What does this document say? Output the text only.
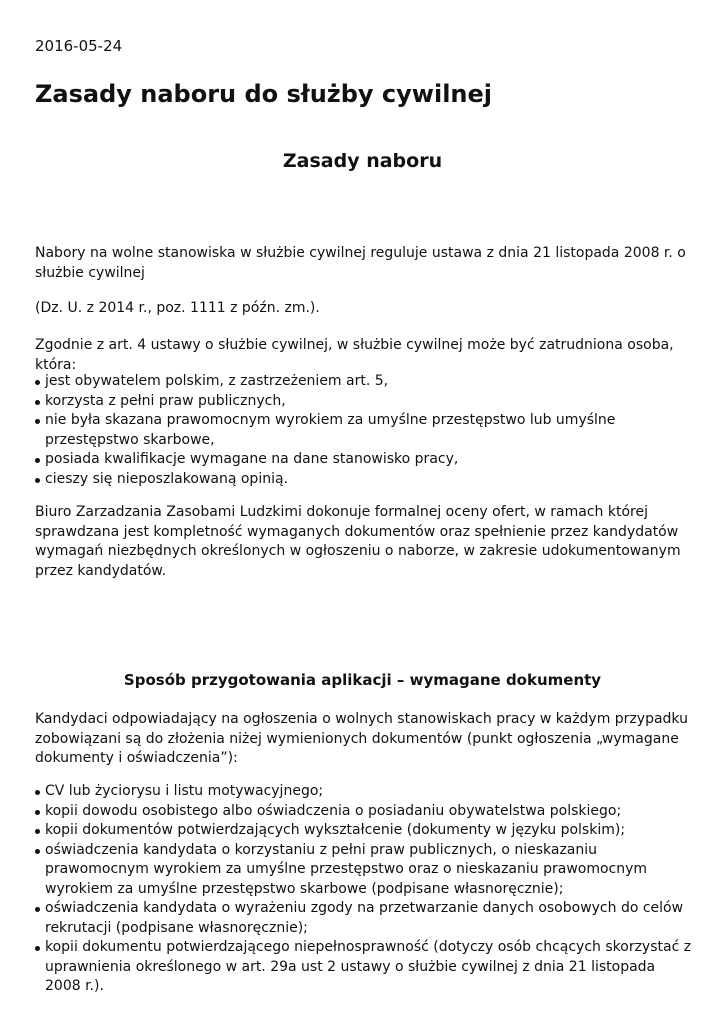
2016-05-24
Zasady naboru do służby cywilnej
Zasady naboru

Nabory na wolne stanowiska w służbie cywilnej reguluje ustawa z dnia 21 listopada 2008 r. o służbie cywilnej

(Dz. U. z 2014 r., poz. 1111 z późn. zm.).

Zgodnie z art. 4 ustawy o służbie cywilnej, w służbie cywilnej może być zatrudniona osoba, która:

jest obywatelem polskim, z zastrzeżeniem art. 5,
korzysta z pełni praw publicznych,
nie była skazana prawomocnym wyrokiem za umyślne przestępstwo lub umyślne przestępstwo skarbowe,
posiada kwalifikacje wymagane na dane stanowisko pracy,
cieszy się nieposzlakowaną opinią.

Biuro Zarzadzania Zasobami Ludzkimi dokonuje formalnej oceny ofert, w ramach której sprawdzana jest kompletność wymaganych dokumentów oraz spełnienie przez kandydatów wymagań niezbędnych określonych w ogłoszeniu o naborze, w zakresie udokumentowanym przez kandydatów.

Sposób przygotowania aplikacji – wymagane dokumenty

Kandydaci odpowiadający na ogłoszenia o wolnych stanowiskach pracy w każdym przypadku zobowiązani są do złożenia niżej wymienionych dokumentów (punkt ogłoszenia „wymagane dokumenty i oświadczenia”):

CV lub życiorysu i listu motywacyjnego;
kopii dowodu osobistego albo oświadczenia o posiadaniu obywatelstwa polskiego;
kopii dokumentów potwierdzających wykształcenie (dokumenty w języku polskim);
oświadczenia kandydata o korzystaniu z pełni praw publicznych, o nieskazaniu prawomocnym wyrokiem za umyślne przestępstwo oraz o nieskazaniu prawomocnym wyrokiem za umyślne przestępstwo skarbowe (podpisane własnoręcznie);
oświadczenia kandydata o wyrażeniu zgody na przetwarzanie danych osobowych do celów rekrutacji (podpisane własnoręcznie);
kopii dokumentu potwierdzającego niepełnosprawność (dotyczy osób chcących skorzystać z uprawnienia określonego w art. 29a ust 2 ustawy o służbie cywilnej z dnia 21 listopada 2008 r.).
